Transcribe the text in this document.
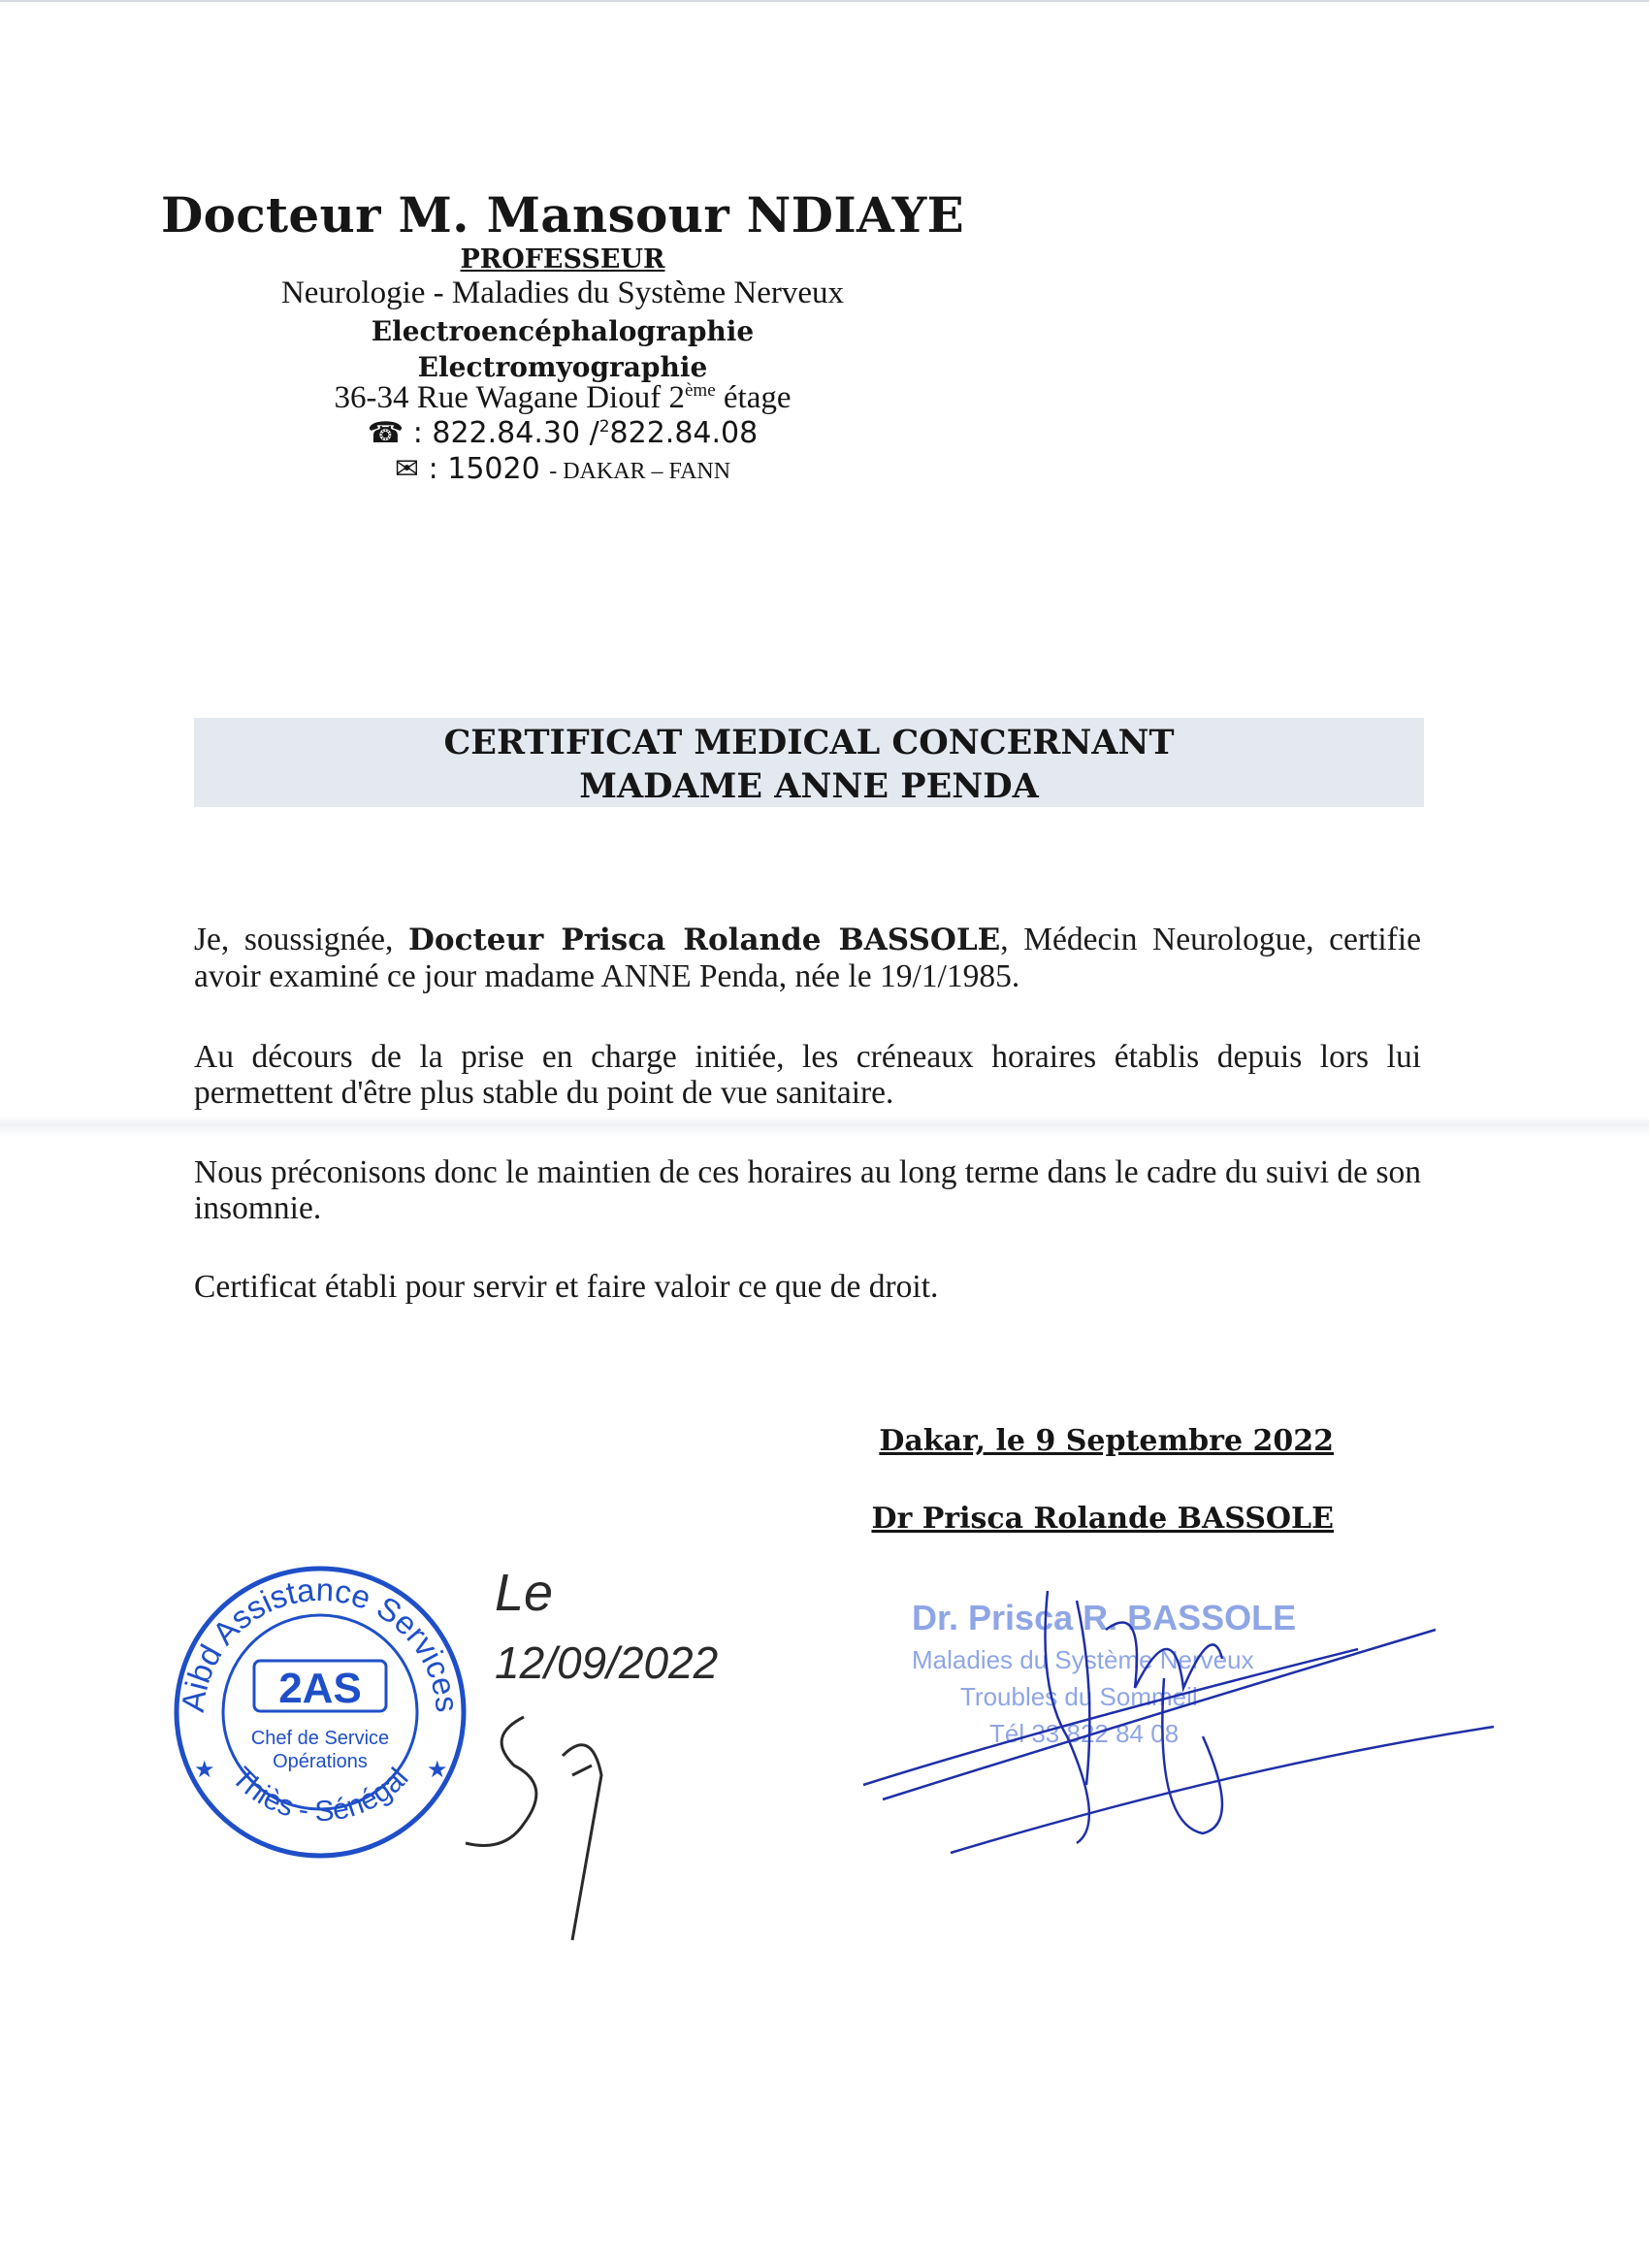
Docteur M. Mansour NDIAYE
PROFESSEUR
Neurologie - Maladies du Système Nerveux
Electroencéphalographie
Electromyographie
36-34 Rue Wagane Diouf 2ème étage
☎ : 822.84.30 /$^2$822.84.08
✉ : 15020 - DAKAR – FANN
CERTIFICAT MEDICAL CONCERNANT
MADAME ANNE PENDA
Je, soussignée, Docteur Prisca Rolande BASSOLE, Médecin Neurologue, certifie avoir examiné ce jour madame ANNE Penda, née le 19/1/1985.
Au décours de la prise en charge initiée, les créneaux horaires établis depuis lors lui permettent d'être plus stable du point de vue sanitaire.
Nous préconisons donc le maintien de ces horaires au long terme dans le cadre du suivi de son insomnie.
Certificat établi pour servir et faire valoir ce que de droit.
Dakar, le 9 Septembre 2022
Dr Prisca Rolande BASSOLE
Aibd Assistance Services
Thiès - Sénégal
★	★
2AS
Chef de Service
Opérations
Le
12/09/2022
Dr. Prisca R. BASSOLE
Maladies du Système Nerveux
Troubles du Sommeil
Tél 33 822 84 08
